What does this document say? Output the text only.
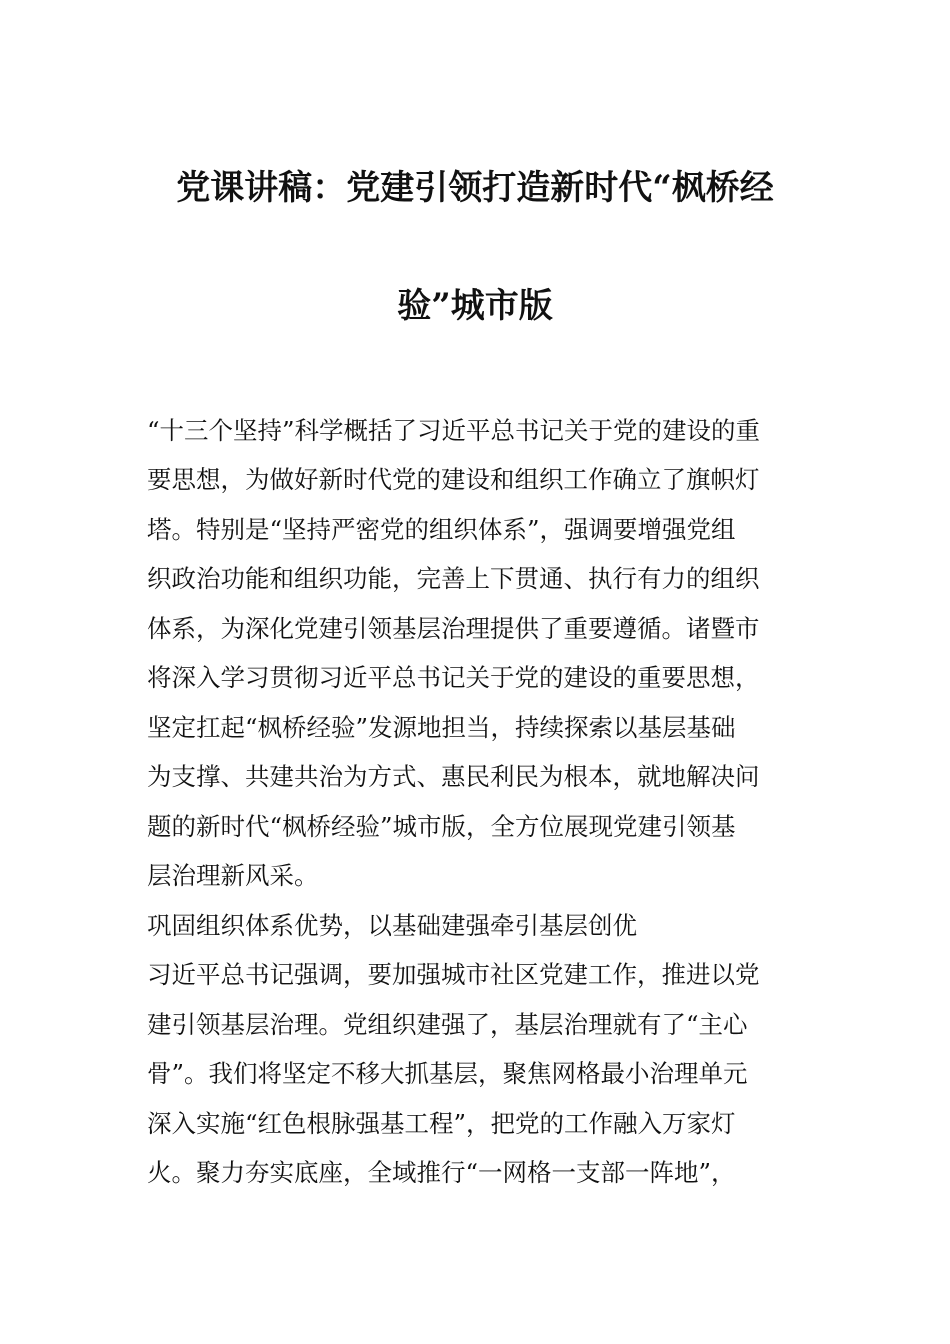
党课讲稿：党建引领打造新时代“枫桥经
验”城市版
“十三个坚持”科学概括了习近平总书记关于党的建设的重
要思想，为做好新时代党的建设和组织工作确立了旗帜灯
塔。特别是“坚持严密党的组织体系”，强调要增强党组
织政治功能和组织功能，完善上下贯通、执行有力的组织
体系，为深化党建引领基层治理提供了重要遵循。诸暨市
将深入学习贯彻习近平总书记关于党的建设的重要思想，
坚定扛起“枫桥经验”发源地担当，持续探索以基层基础
为支撑、共建共治为方式、惠民利民为根本，就地解决问
题的新时代“枫桥经验”城市版，全方位展现党建引领基
层治理新风采。
巩固组织体系优势，以基础建强牵引基层创优
习近平总书记强调，要加强城市社区党建工作，推进以党
建引领基层治理。党组织建强了，基层治理就有了“主心
骨”。我们将坚定不移大抓基层，聚焦网格最小治理单元
深入实施“红色根脉强基工程”，把党的工作融入万家灯
火。聚力夯实底座，全域推行“一网格一支部一阵地”，
